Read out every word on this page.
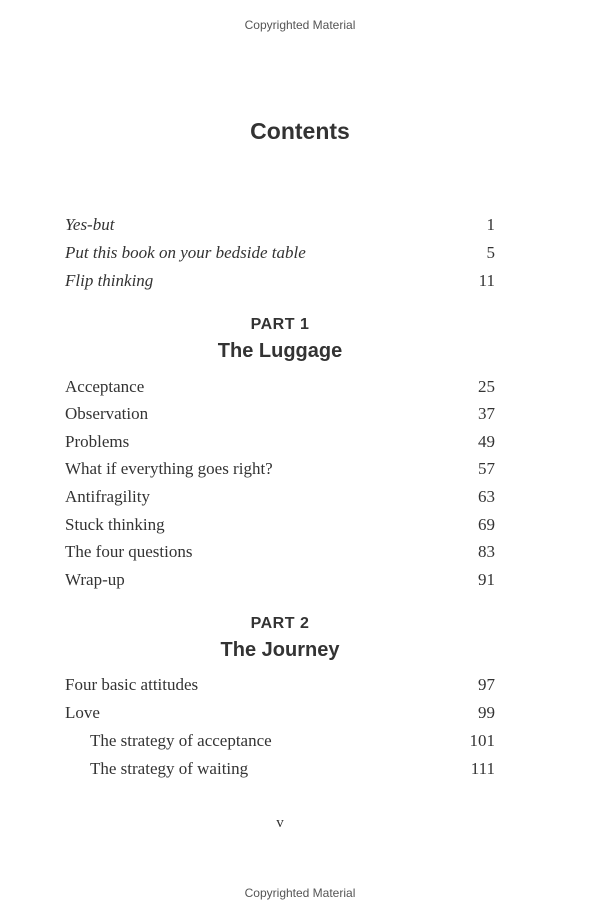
Copyrighted Material
Contents
Yes-but	1
Put this book on your bedside table	5
Flip thinking	11
PART 1
The Luggage
Acceptance	25
Observation	37
Problems	49
What if everything goes right?	57
Antifragility	63
Stuck thinking	69
The four questions	83
Wrap-up	91
PART 2
The Journey
Four basic attitudes	97
Love	99
The strategy of acceptance	101
The strategy of waiting	111
v
Copyrighted Material
